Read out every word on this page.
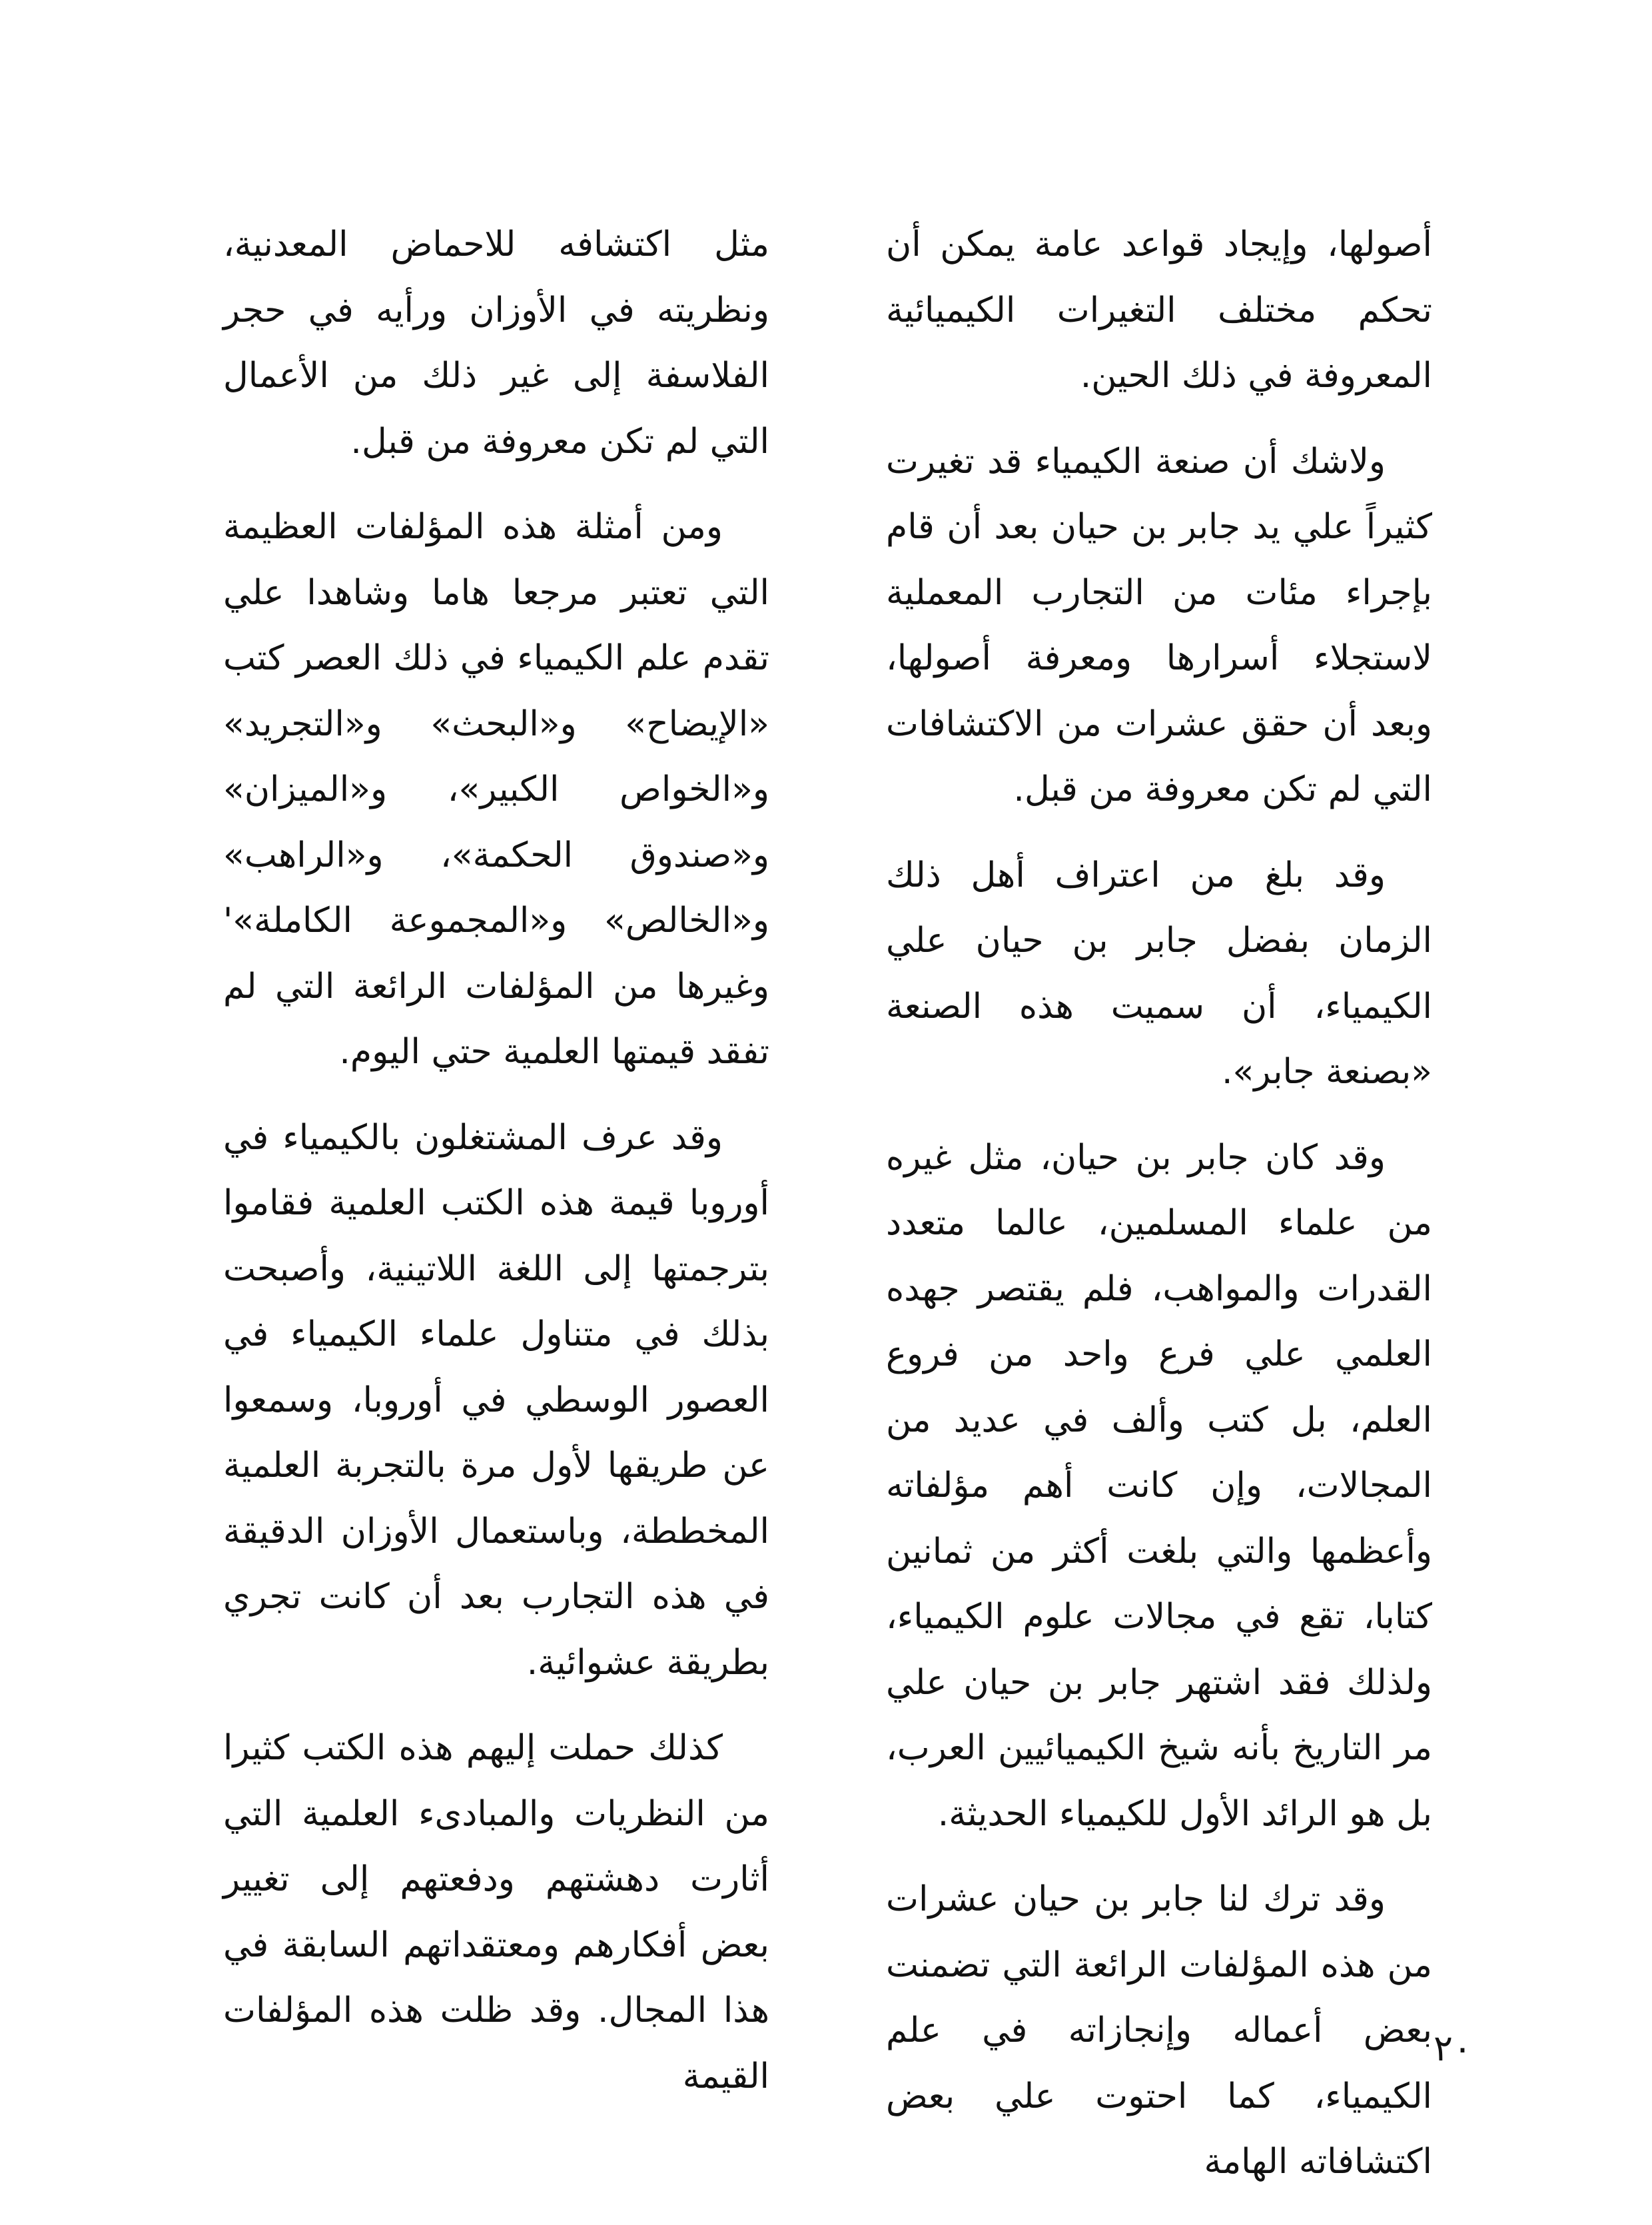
أصولها، وإيجاد قواعد عامة يمكن أن تحكم مختلف التغيرات الكيميائية المعروفة في ذلك الحين.

ولاشك أن صنعة الكيمياء قد تغيرت كثيراً علي يد جابر بن حيان بعد أن قام بإجراء مئات من التجارب المعملية لاستجلاء أسرارها ومعرفة أصولها، وبعد أن حقق عشرات من الاكتشافات التي لم تكن معروفة من قبل.

وقد بلغ من اعتراف أهل ذلك الزمان بفضل جابر بن حيان علي الكيمياء، أن سميت هذه الصنعة «بصنعة جابر».

وقد كان جابر بن حيان، مثل غيره من علماء المسلمين، عالما متعدد القدرات والمواهب، فلم يقتصر جهده العلمي علي فرع واحد من فروع العلم، بل كتب وألف في عديد من المجالات، وإن كانت أهم مؤلفاته وأعظمها والتي بلغت أكثر من ثمانين كتابا، تقع في مجالات علوم الكيمياء، ولذلك فقد اشتهر جابر بن حيان علي مر التاريخ بأنه شيخ الكيميائيين العرب، بل هو الرائد الأول للكيمياء الحديثة.

وقد ترك لنا جابر بن حيان عشرات من هذه المؤلفات الرائعة التي تضمنت بعض أعماله وإنجازاته في علم الكيمياء، كما احتوت علي بعض اكتشافاته الهامة

مثل اكتشافه للاحماض المعدنية، ونظريته في الأوزان ورأيه في حجر الفلاسفة إلى غير ذلك من الأعمال التي لم تكن معروفة من قبل.

ومن أمثلة هذه المؤلفات العظيمة التي تعتبر مرجعا هاما وشاهدا علي تقدم علم الكيمياء في ذلك العصر كتب «الإيضاح» و«البحث» و«التجريد» و«الخواص الكبير»، و«الميزان» و«صندوق الحكمة»، و«الراهب» و«الخالص» و«المجموعة الكاملة»' وغيرها من المؤلفات الرائعة التي لم تفقد قيمتها العلمية حتي اليوم.

وقد عرف المشتغلون بالكيمياء في أوروبا قيمة هذه الكتب العلمية فقاموا بترجمتها إلى اللغة اللاتينية، وأصبحت بذلك في متناول علماء الكيمياء في العصور الوسطي في أوروبا، وسمعوا عن طريقها لأول مرة بالتجربة العلمية المخططة، وباستعمال الأوزان الدقيقة في هذه التجارب بعد أن كانت تجري بطريقة عشوائية.

كذلك حملت إليهم هذه الكتب كثيرا من النظريات والمبادىء العلمية التي أثارت دهشتهم ودفعتهم إلى تغيير بعض أفكارهم ومعتقداتهم السابقة في هذا المجال. وقد ظلت هذه المؤلفات القيمة

٢٠
